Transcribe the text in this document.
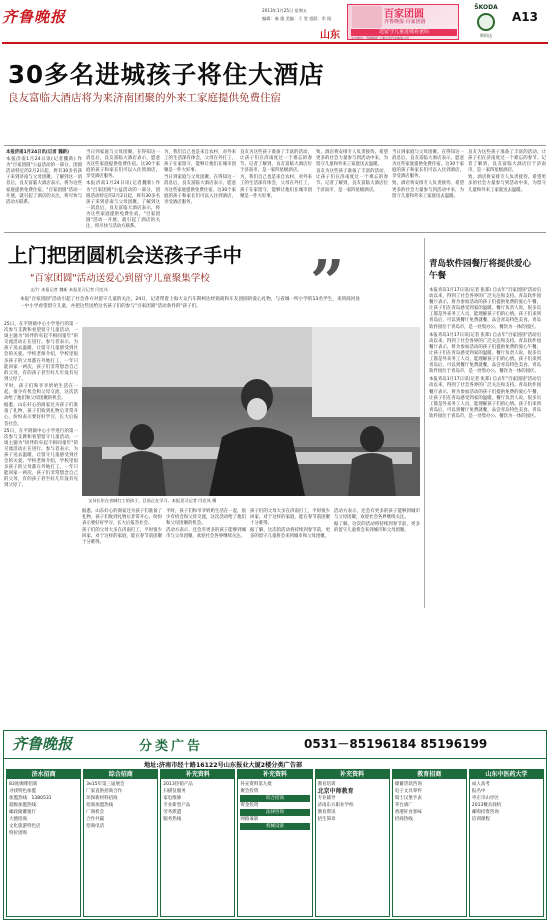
齐鲁晚报	2013年1月25日 星期五
编辑：秦 俊 美编：于 雯 组版：牟 阳	百家团圆
齐鲁晚报·百家团圆
送留守儿童进城看爸妈
主办单位：齐鲁晚报 上海大众汽车鲁南公司
山东
ŠKODA
斯柯达
A13
30多名进城孩子将住大酒店
良友富临大酒店将为来济南团聚的外来工家庭提供免费住宿

本报济南1月24日讯(记者 魏新)

本报济南1月24日讯(记者魏新) 作为"百家团圆"公益活动的一部分，团圆活动特定的2月2日起，将有30多名孩子来到济南与父母团聚。了解到这一消息后，良友富临大酒店表示，将为这些家庭提供免费住宿。"百家团圆"活动一开展，就引起了酒店的关注，将尽快与活动方联系。

当日到家庭与父母团聚。在得知这一消息后，良友富临大酒店表示，愿意为这些家庭提供免费住宿。这30个家庭的孩子和家长们可以入住到酒店，享受酒店服务。

本报济南1月24日讯(记者魏新) 作为"百家团圆"公益活动的一部分，团圆活动特定的2月2日起，将有30多名孩子来到济南与父母团聚。了解到这一消息后，良友富临大酒店表示，将为这些家庭提供免费住宿。"百家团圆"活动一开展，就引起了酒店的关注，将尽快与活动方联系。

为，我们自己也是来自农村，对外来工的生活深有体会，父母在外打工，孩子在家留守，能够让他们在城市团聚是一件大好事。

当日到家庭与父母团聚。在得知这一消息后，良友富临大酒店表示，愿意为这些家庭提供免费住宿。这30个家庭的孩子和家长们可以入住到酒店，享受酒店服务。

良友为这些孩子准备了丰富的活动，让孩子们在济南度过一个难忘的春节。记者了解到，良友富临大酒店位于济南市，是一家四星级酒店。

为，我们自己也是来自农村，对外来工的生活深有体会，父母在外打工，孩子在家留守，能够让他们在城市团聚是一件大好事。

致，酒店将安排专人负责接待。希望更多的社会力量参与到活动中来，为留守儿童和外来工家庭送去温暖。

良友为这些孩子准备了丰富的活动，让孩子们在济南度过一个难忘的春节。记者了解到，良友富临大酒店位于济南市，是一家四星级酒店。

当日到家庭与父母团聚。在得知这一消息后，良友富临大酒店表示，愿意为这些家庭提供免费住宿。这30个家庭的孩子和家长们可以入住到酒店，享受酒店服务。

致，酒店将安排专人负责接待。希望更多的社会力量参与到活动中来，为留守儿童和外来工家庭送去温暖。

良友为这些孩子准备了丰富的活动，让孩子们在济南度过一个难忘的春节。记者了解到，良友富临大酒店位于济南市，是一家四星级酒店。

致，酒店将安排专人负责接待。希望更多的社会力量参与到活动中来，为留守儿童和外来工家庭送去温暖。

上门把团圆机会送孩子手中
"百家团圆"活动送爱心到留守儿童聚集学校
文/片 本报记者 魏新 本报见习记者 闫克凤	”
本报"百家团圆"活动引起了社会各方对留守儿童的关注，24日，记者带着上海大众汽车斯柯达经销商和车友团圆的爱心礼物，与省城一所小学的13名学生，来到商河县一中小学看望留守儿童，并把这些送给这名孩子们的参与"百家团圆"活动条件的"孩子们。

25日，在平阴镇中心小学进行的第一次参与支教和看望留守儿童活动，一场主题为"同伴的牵起不相同童年"的交流活动正在进行。参与者表示，为孩子送去温暖，让留守儿童感受到社会的关爱。学校老师介绍，学校里很多孩子的父母都在外地打工，一年只能回家一两次，孩子们非常想念自己的父母，有的孩子甚至好几年没有见到父母了。

平时，孩子们和爷爷奶奶生活在一起，很少有机会和父母交流，这次活动给了他们和父母团聚的机会。

据悉，山东好心的商家还为孩子们准备了礼物，孩子们收到礼物后非常开心，纷纷表示要好好学习，长大后报答社会。

25日，在平阴镇中心小学进行的第一次参与支教和看望留守儿童活动，一场主题为"同伴的牵起不相同童年"的交流活动正在进行。参与者表示，为孩子送去温暖，让留守儿童感受到社会的关爱。学校老师介绍，学校里很多孩子的父母都在外地打工，一年只能回家一两次，孩子们非常想念自己的父母，有的孩子甚至好几年没有见到父母了。

父母长年在省城打工的孩子，目前正在学习。本报见习记者 闫克凤 摄

据悉，山东好心的商家还为孩子们准备了礼物，孩子们收到礼物后非常开心，纷纷表示要好好学习，长大后报答社会。

孩子们的父母大多在济南打工，平时很少回家，对于这样的家庭，能在春节前团聚十分难得。

平时，孩子们和爷爷奶奶生活在一起，很少有机会和父母交流，这次活动给了他们和父母团聚的机会。

活动方表示，还会有更多的孩子能够到城市与父母团聚，欢迎社会各界继续关注。

孩子们的父母大多在济南打工，平时很少回家，对于这样的家庭，能在春节前团聚十分难得。

据了解，这次的活动将持续到春节前，更多的留守儿童将会来到城市和父母团聚。

活动方表示，还会有更多的孩子能够到城市与父母团聚，欢迎社会各界继续关注。

据了解，这次的活动将持续到春节前，更多的留守儿童将会来到城市和父母团聚。

青岛软件园餐厅将提供爱心午餐
本报青岛1月17日讯(记者 张郑) 自去年"百家团圆"活动启动以来，得到了社会各界的广泛关注和支持。青岛软件园餐厅表示，将为参加活动的孩子们提供免费的爱心午餐，让孩子们在青岛感受到家的温暖。餐厅负责人说，很多员工都是外来务工人员，能理解孩子们的心情。孩子们来到青岛后，可以到餐厅免费就餐，品尝青岛特色美食。青岛软件园位于青岛市，是一处集办公、餐饮为一体的园区。
本报青岛1月17日讯(记者 张郑) 自去年"百家团圆"活动启动以来，得到了社会各界的广泛关注和支持。青岛软件园餐厅表示，将为参加活动的孩子们提供免费的爱心午餐，让孩子们在青岛感受到家的温暖。餐厅负责人说，很多员工都是外来务工人员，能理解孩子们的心情。孩子们来到青岛后，可以到餐厅免费就餐，品尝青岛特色美食。青岛软件园位于青岛市，是一处集办公、餐饮为一体的园区。
本报青岛1月17日讯(记者 张郑) 自去年"百家团圆"活动启动以来，得到了社会各界的广泛关注和支持。青岛软件园餐厅表示，将为参加活动的孩子们提供免费的爱心午餐，让孩子们在青岛感受到家的温暖。餐厅负责人说，很多员工都是外来务工人员，能理解孩子们的心情。孩子们来到青岛后，可以到餐厅免费就餐，品尝青岛特色美食。青岛软件园位于青岛市，是一处集办公、餐饮为一体的园区。
齐鲁晚报	分类广告	0531－85196184 85196199
地址:济南市经十路16122号山东报业大厦2楼分类广告部
济水招商
83度咖啡招商
寻找特色加盟
加盟热线：1380531
超级加盟热线：
邮政储蓄银行
大德招商
文化旅游特色店
特价团购
综合招商
3e15年第三届展会
厂家直供招商合作
环保新材料招商
招商加盟热线
厂商机会
合作共赢
招商电话
补充资料
2013热销产品
扫描仪服务
家电维修
专业新型产品
劳务派遣
服务热线
补充资料
补充资料第九批
聚会投资
综合招商
资金投资
法律咨询
网路兼职
机械设备
补充资料
教育培训
北京中师教育
专业辅导
济南东方职业学校
教育资讯
招生简章
教育招商
储蓄贷款咨询
电子文具零件
瑞士汉堡手表
茅台酒厂
香港好食客味
招商热线
山东中医药大学
成人高考
报名中
枣庄市山亭区
2013餐具商机
邮购投资咨询
培训课程
